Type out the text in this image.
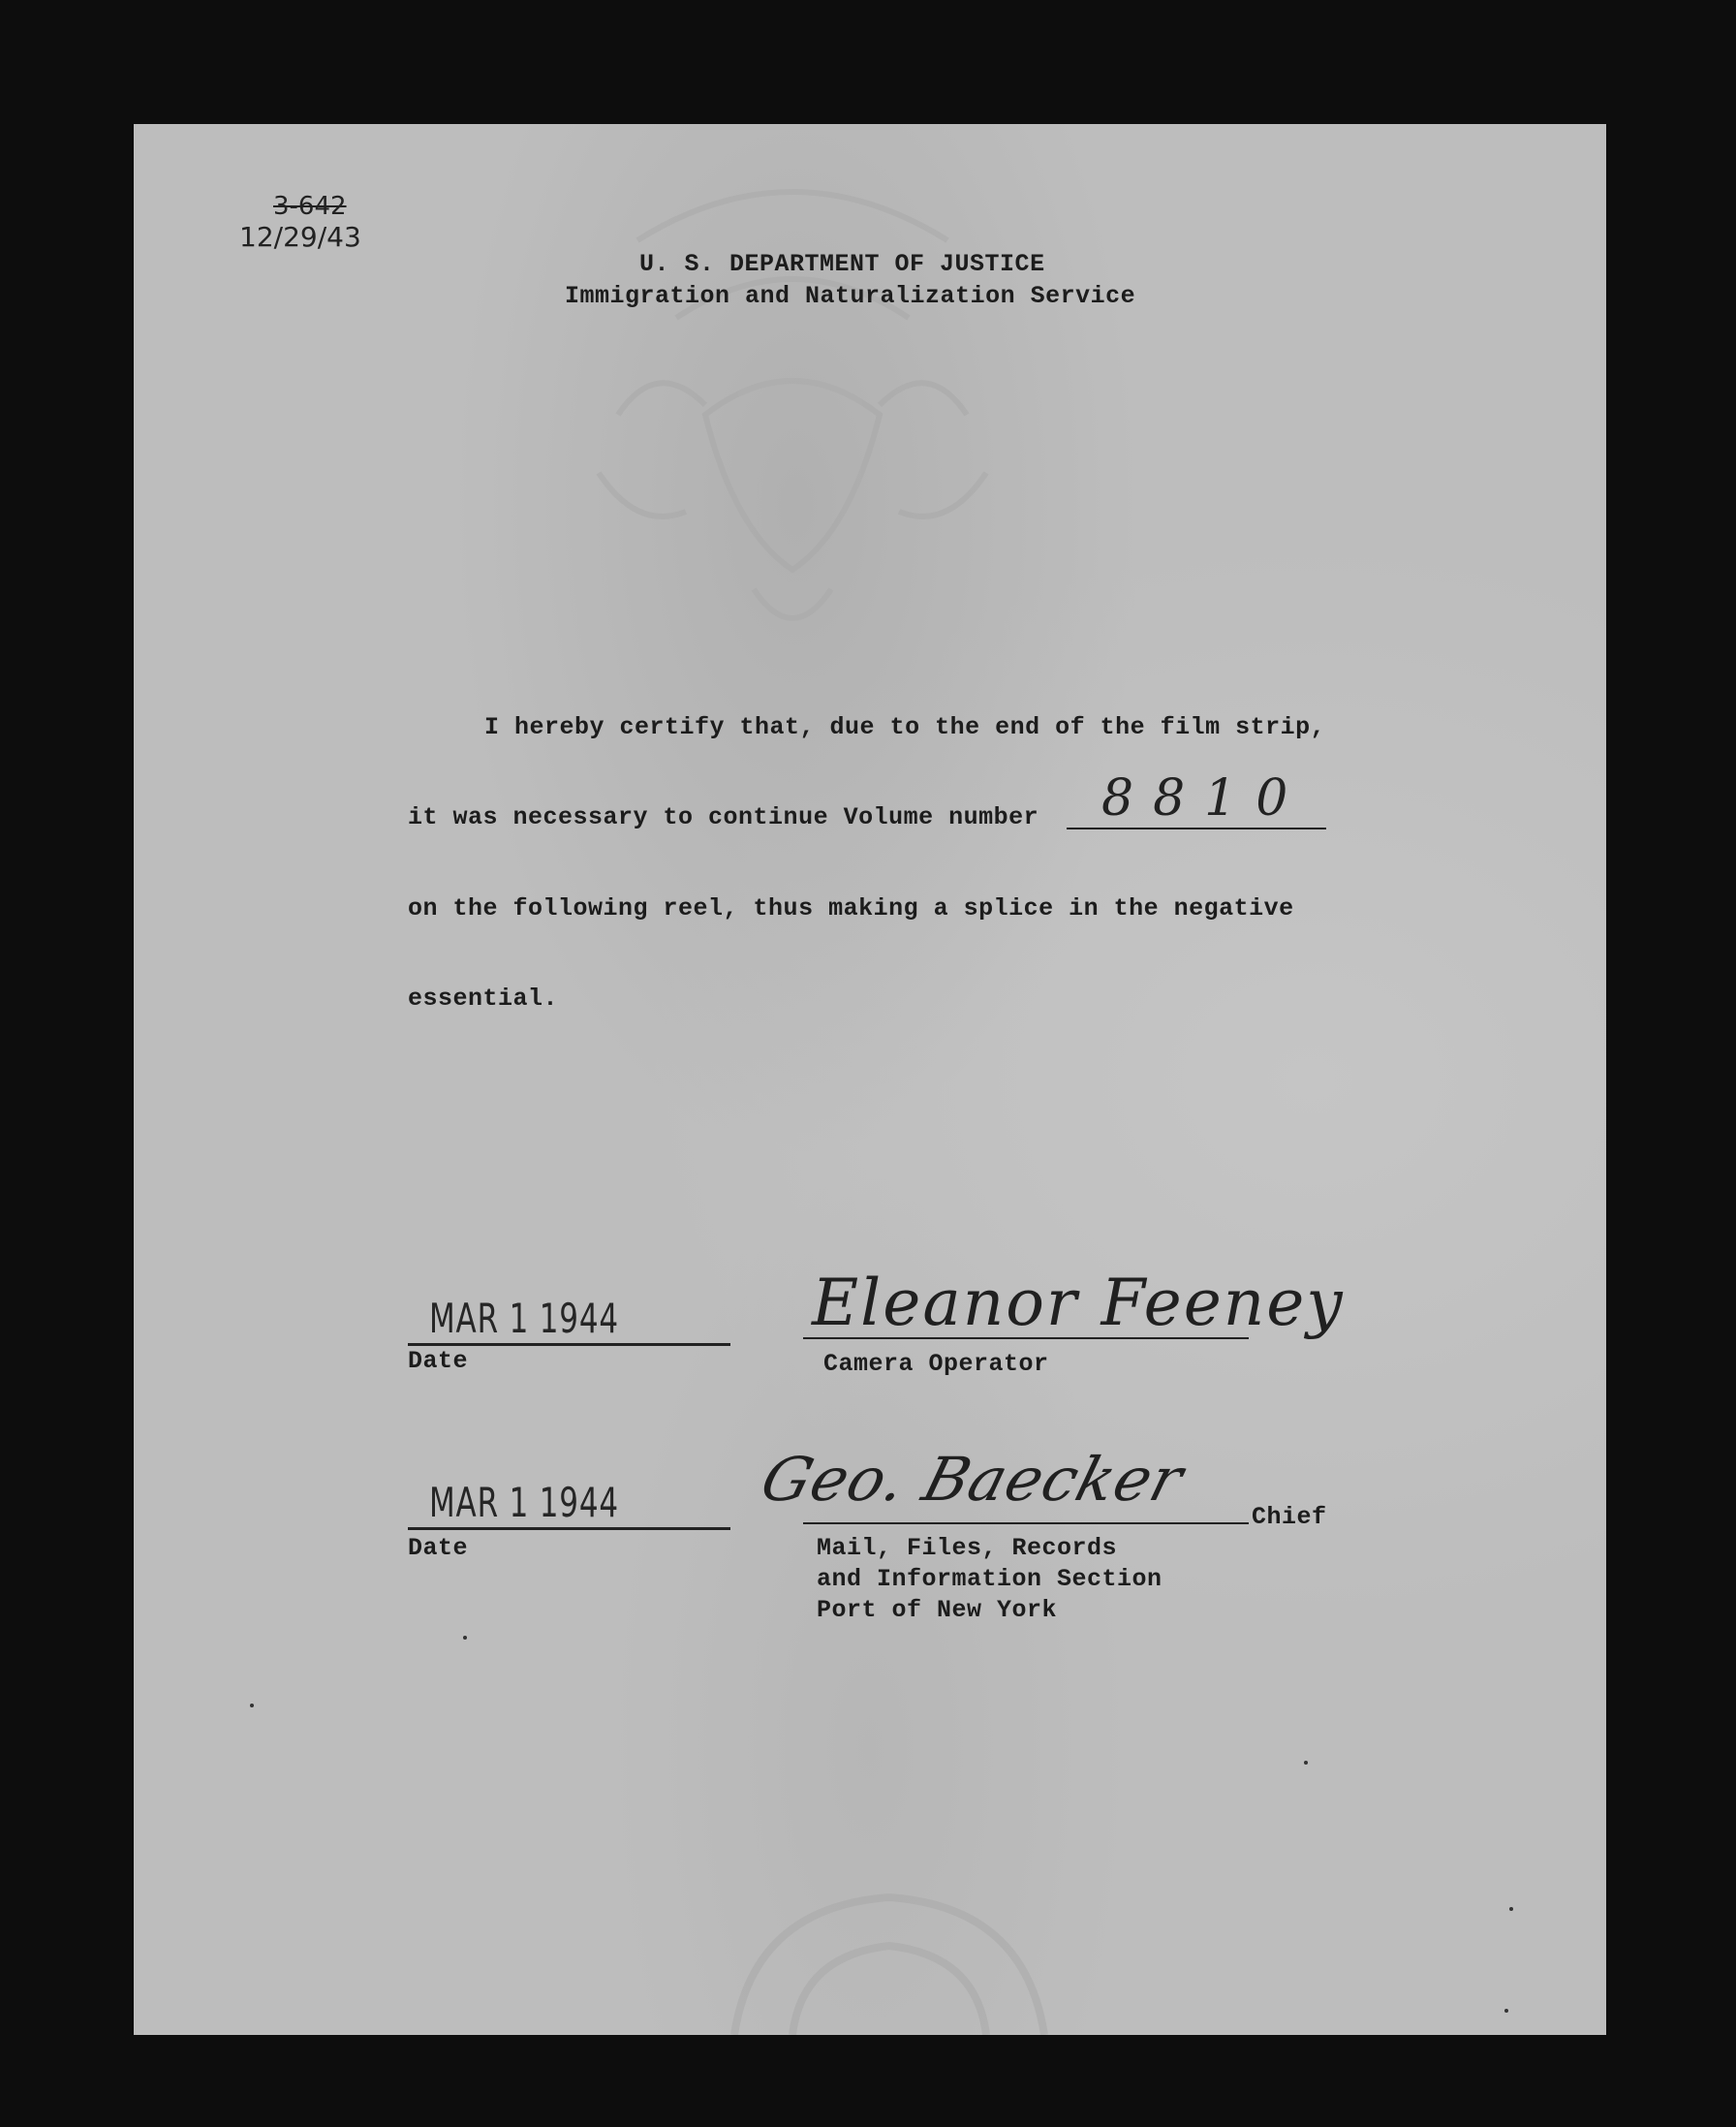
3-642
12/29/43
U. S. DEPARTMENT OF JUSTICE
Immigration and Naturalization Service
I hereby certify that, due to the end of the film strip,
it was necessary to continue Volume number 8810
on the following reel, thus making a splice in the negative
essential.
MAR 1 1944
Date
Eleanor Feeney
Camera Operator
MAR 1 1944
Date
Geo. Baecker
Chief
Mail, Files, Records
and Information Section
Port of New York
